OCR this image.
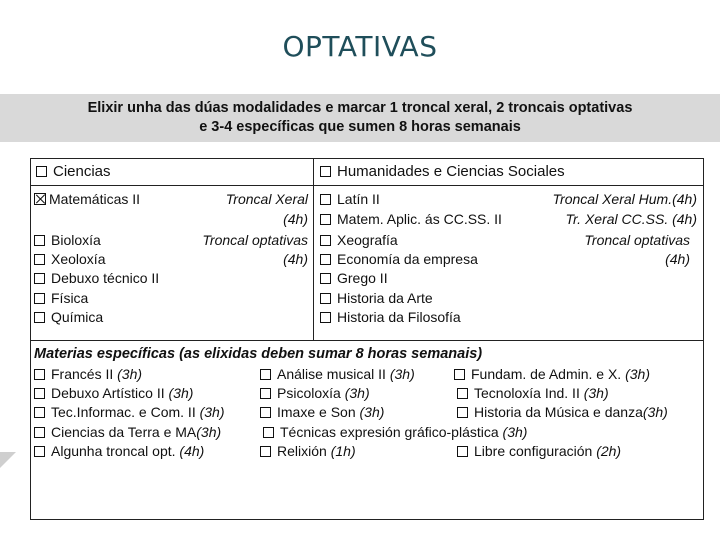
OPTATIVAS
Elixir unha das dúas modalidades e marcar 1 troncal xeral, 2 troncais optativas
e 3-4 específicas que sumen 8 horas semanais
Ciencias
Matemáticas II
Bioloxía
Xeoloxía
Debuxo técnico II
Física
Química
Troncal Xeral
(4h)
Troncal optativas
(4h)
Humanidades e Ciencias Sociales
Latín II
Matem. Aplic. ás CC.SS. II
Xeografía
Economía da empresa
Grego II
Historia da Arte
Historia da Filosofía
Troncal Xeral Hum.(4h)
Tr. Xeral CC.SS. (4h)
Troncal optativas
(4h)
Materias específicas (as elixidas deben sumar 8 horas semanais)
Francés II (3h)
Debuxo Artístico II (3h)
Tec.Informac. e Com. II (3h)
Ciencias da Terra e MA(3h)
Algunha troncal opt. (4h)
Análise musical II (3h)
Psicoloxía (3h)
Imaxe e Son (3h)
Técnicas expresión gráfico-plástica (3h)
Relixión (1h)
Fundam. de Admin. e X. (3h)
Tecnoloxía Ind. II (3h)
Historia da Música e danza(3h)
Libre configuración (2h)
